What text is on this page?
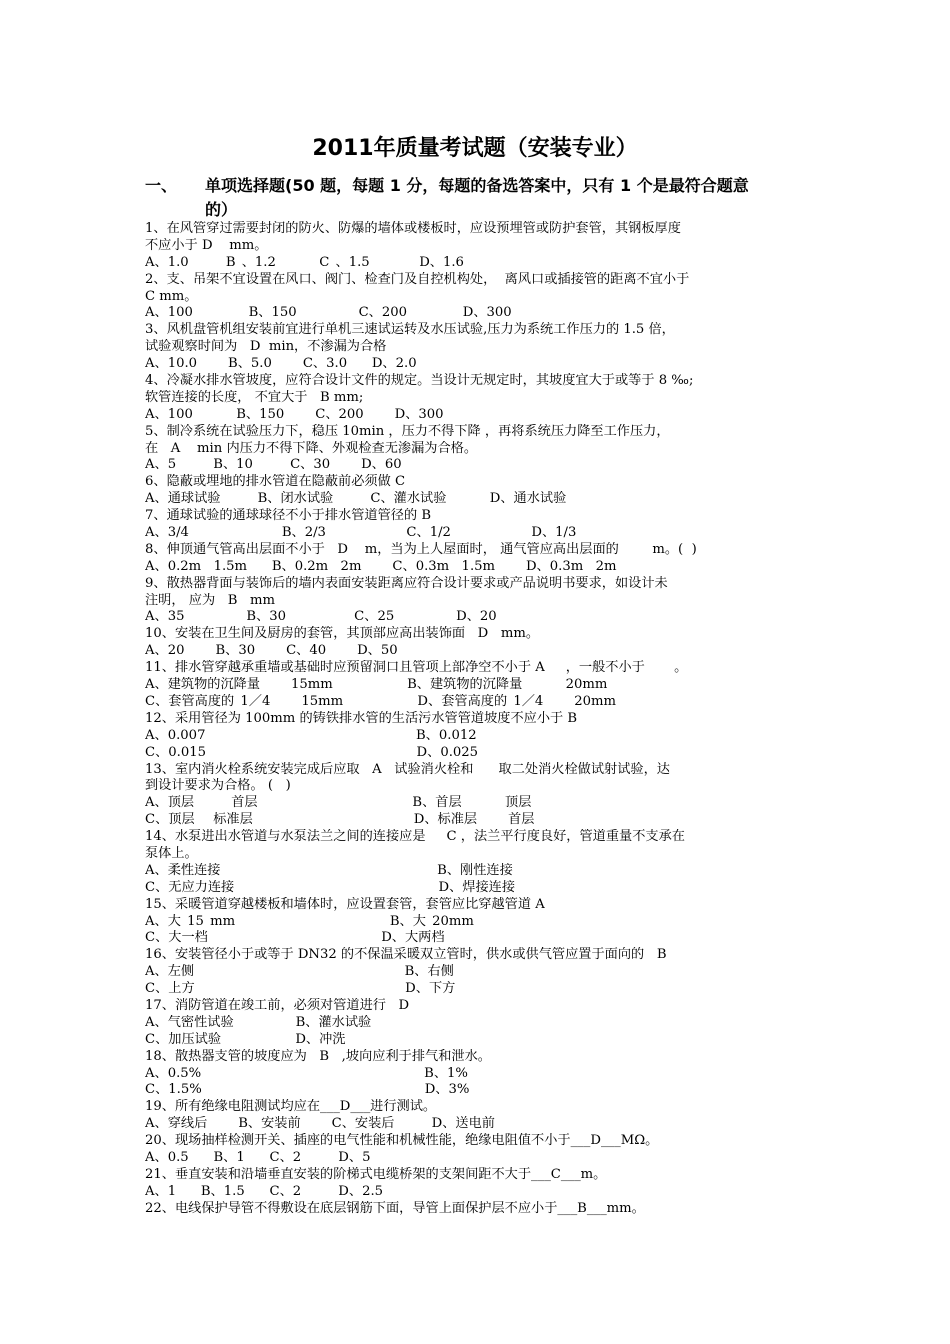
2011年质量考试题（安装专业）
一、 单项选择题(50 题，每题 1 分，每题的备选答案中，只有 1 个是最符合题意
的）
1、在风管穿过需要封闭的防火、防爆的墙体或楼板时，应设预埋管或防护套管，其钢板厚度
不应小于 D    mm。
A、1.0      B 、1.2       C 、1.5        D、1.6
2、支、吊架不宜设置在风口、阀门、检查门及自控机构处，  离风口或插接管的距离不宜小于
C mm。
A、100         B、150          C、200         D、300
3、风机盘管机组安装前宜进行单机三速试运转及水压试验,压力为系统工作压力的 1.5 倍，
试验观察时间为   D  min，不渗漏为合格
A、10.0     B、5.0     C、3.0    D、2.0
4、冷凝水排水管坡度，应符合设计文件的规定。当设计无规定时，其坡度宜大于或等于 8 ‰;
软管连接的长度， 不宜大于   B mm;
A、100       B、150     C、200     D、300
5、制冷系统在试验压力下，稳压 10min ，压力不得下降 ，再将系统压力降至工作压力，
在   A    min 内压力不得下降、外观检查无渗漏为合格。
A、5      B、10      C、30     D、60
6、隐蔽或埋地的排水管道在隐蔽前必须做 C
A、通球试验      B、闭水试验      C、灌水试验       D、通水试验
7、通球试验的通球球径不小于排水管道管径的 B
A、3/4               B、2/3             C、1/2             D、1/3
8、伸顶通气管高出层面不小于   D    m，当为上人屋面时， 通气管应高出层面的        m。(  )
A、0.2m  1.5m    B、0.2m  2m     C、0.3m  1.5m     D、0.3m  2m
9、散热器背面与装饰后的墙内表面安装距离应符合设计要求或产品说明书要求，如设计未
注明， 应为   B   mm
A、35          B、30           C、25          D、20
10、安装在卫生间及厨房的套管，其顶部应高出装饰面   D   mm。
A、20     B、30     C、40     D、50
11、排水管穿越承重墙或基础时应预留洞口且管项上部净空不小于 A     ，一般不小于       。
A、建筑物的沉降量     15mm            B、建筑物的沉降量       20mm
C、套管高度的 1／4     15mm            D、套管高度的 1／4     20mm
12、采用管径为 100mm 的铸铁排水管的生活污水管管道坡度不应小于 B
A、0.007                                  B、0.012
C、0.015                                  D、0.025
13、室内消火栓系统安装完成后应取   A   试验消火栓和      取二处消火栓做试射试验，达
到设计要求为合格。 (   )
A、顶层      首层                         B、首层       顶层
C、顶层   标准层                          D、标准层     首层
14、水泵进出水管道与水泵法兰之间的连接应是     C ，法兰平行度良好，管道重量不支承在
泵体上。
A、柔性连接                                   B、刚性连接
C、无应力连接                                 D、焊接连接
15、采暖管道穿越楼板和墙体时，应设置套管，套管应比穿越管道 A
A、大 15 mm                         B、大 20mm
C、大一档                            D、大两档
16、安装管径小于或等于 DN32 的不保温采暖双立管时，供水或供气管应置于面向的   B
A、左侧                                  B、右侧
C、上方                                  D、下方
17、消防管道在竣工前，必须对管道进行   D
A、气密性试验          B、灌水试验
C、加压试验            D、冲洗
18、散热器支管的坡度应为   B   ,坡向应利于排气和泄水。
A、0.5%                                    B、1%
C、1.5%                                    D、3%
19、所有绝缘电阻测试均应在___D___进行测试。
A、穿线后     B、安装前     C、安装后      D、送电前
20、现场抽样检测开关、插座的电气性能和机械性能，绝缘电阻值不小于___D___MΩ。
A、0.5    B、1    C、2      D、5
21、垂直安装和沿墙垂直安装的阶梯式电缆桥架的支架间距不大于___C___m。
A、1    B、1.5    C、2      D、2.5
22、电线保护导管不得敷设在底层钢筋下面，导管上面保护层不应小于___B___mm。
